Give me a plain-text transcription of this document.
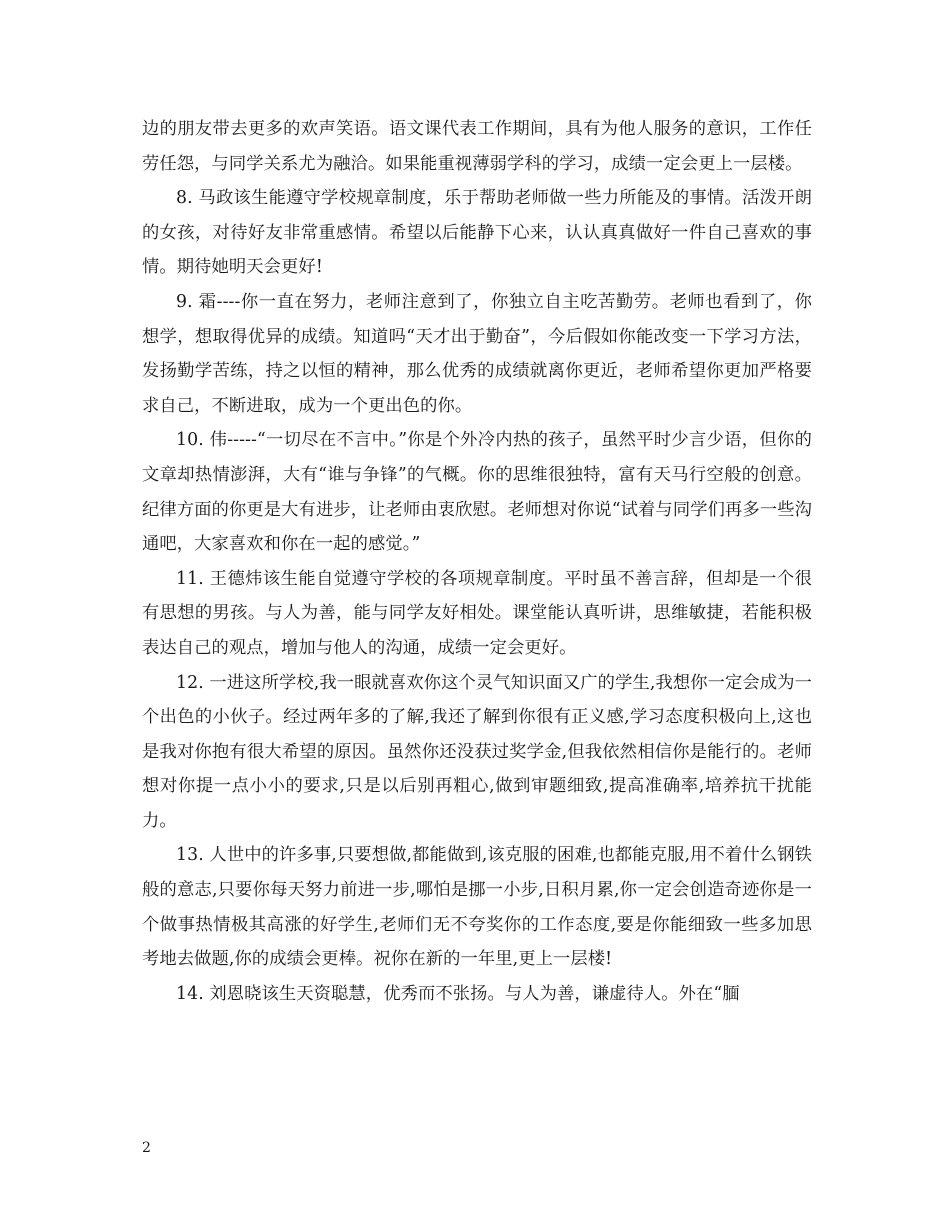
边的朋友带去更多的欢声笑语。语文课代表工作期间，具有为他人服务的意识，工作任劳任怨，与同学关系尤为融洽。如果能重视薄弱学科的学习，成绩一定会更上一层楼。

8. 马政该生能遵守学校规章制度，乐于帮助老师做一些力所能及的事情。活泼开朗的女孩，对待好友非常重感情。希望以后能静下心来，认认真真做好一件自己喜欢的事情。期待她明天会更好!

9. 霜----你一直在努力，老师注意到了，你独立自主吃苦勤劳。老师也看到了，你想学，想取得优异的成绩。知道吗“天才出于勤奋”，今后假如你能改变一下学习方法，发扬勤学苦练，持之以恒的精神，那么优秀的成绩就离你更近，老师希望你更加严格要求自己，不断进取，成为一个更出色的你。

10. 伟-----“一切尽在不言中。”你是个外冷内热的孩子，虽然平时少言少语，但你的文章却热情澎湃，大有“谁与争锋”的气概。你的思维很独特，富有天马行空般的创意。纪律方面的你更是大有进步，让老师由衷欣慰。老师想对你说“试着与同学们再多一些沟通吧，大家喜欢和你在一起的感觉。”

11. 王德炜该生能自觉遵守学校的各项规章制度。平时虽不善言辞，但却是一个很有思想的男孩。与人为善，能与同学友好相处。课堂能认真听讲，思维敏捷，若能积极表达自己的观点，增加与他人的沟通，成绩一定会更好。

12. 一进这所学校,我一眼就喜欢你这个灵气知识面又广的学生,我想你一定会成为一个出色的小伙子。经过两年多的了解,我还了解到你很有正义感,学习态度积极向上,这也是我对你抱有很大希望的原因。虽然你还没获过奖学金,但我依然相信你是能行的。老师想对你提一点小小的要求,只是以后别再粗心,做到审题细致,提高准确率,培养抗干扰能力。

13. 人世中的许多事,只要想做,都能做到,该克服的困难,也都能克服,用不着什么钢铁般的意志,只要你每天努力前进一步,哪怕是挪一小步,日积月累,你一定会创造奇迹你是一个做事热情极其高涨的好学生,老师们无不夸奖你的工作态度,要是你能细致一些多加思考地去做题,你的成绩会更棒。祝你在新的一年里,更上一层楼!

14. 刘恩晓该生天资聪慧，优秀而不张扬。与人为善，谦虚待人。外在“腼

2
